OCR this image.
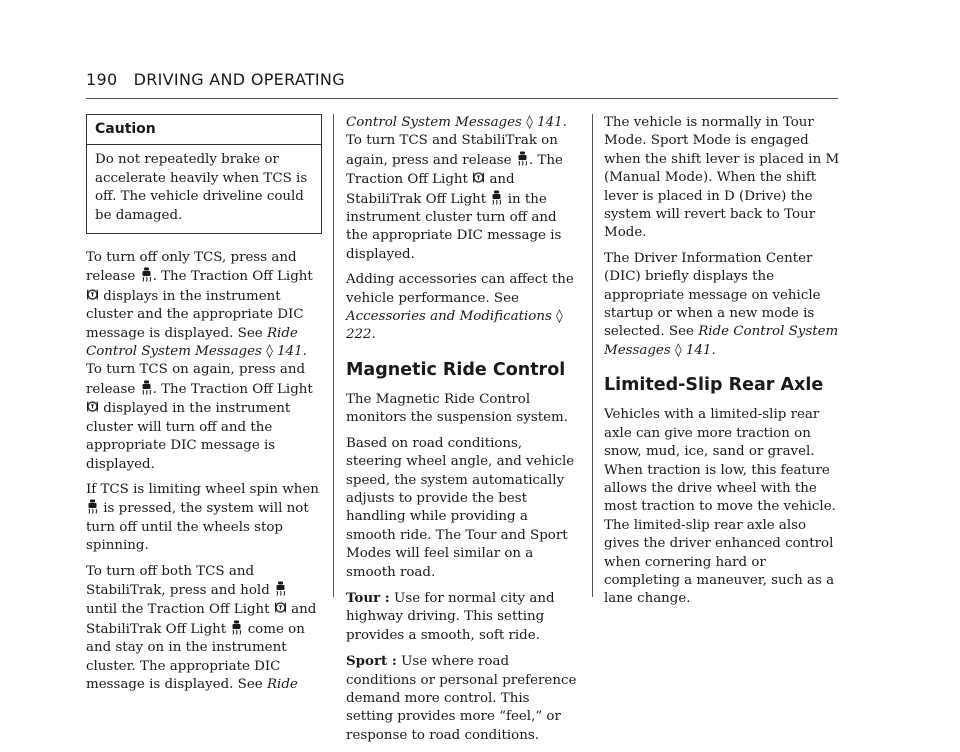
190 DRIVING AND OPERATING
Caution
Do not repeatedly brake or accelerate heavily when TCS is off. The vehicle driveline could be damaged.

To turn off only TCS, press and release . The Traction Off Light
displays in the instrument cluster and the appropriate DIC message is displayed. See Ride Control System Messages ◊ 141. To turn TCS on again, press and release . The Traction Off Light
displayed in the instrument cluster will turn off and the appropriate DIC message is displayed.

If TCS is limiting wheel spin when
is pressed, the system will not turn off until the wheels stop spinning.

To turn off both TCS and StabiliTrak, press and hold
until the Traction Off Light and StabiliTrak Off Light come on and stay on in the instrument cluster. The appropriate DIC message is displayed. See Ride

Control System Messages ◊ 141. To turn TCS and StabiliTrak on again, press and release . The Traction Off Light and StabiliTrak Off Light in the instrument cluster turn off and the appropriate DIC message is displayed.

Adding accessories can affect the vehicle performance. See Accessories and Modifications ◊ 222.

Magnetic Ride Control

The Magnetic Ride Control monitors the suspension system.

Based on road conditions, steering wheel angle, and vehicle speed, the system automatically adjusts to provide the best handling while providing a smooth ride. The Tour and Sport Modes will feel similar on a smooth road.

Tour : Use for normal city and highway driving. This setting provides a smooth, soft ride.

Sport : Use where road conditions or personal preference demand more control. This setting provides more “feel,” or response to road conditions.

The vehicle is normally in Tour Mode. Sport Mode is engaged when the shift lever is placed in M (Manual Mode). When the shift lever is placed in D (Drive) the system will revert back to Tour Mode.

The Driver Information Center (DIC) briefly displays the appropriate message on vehicle startup or when a new mode is selected. See Ride Control System Messages ◊ 141.

Limited-Slip Rear Axle

Vehicles with a limited-slip rear axle can give more traction on snow, mud, ice, sand or gravel. When traction is low, this feature allows the drive wheel with the most traction to move the vehicle. The limited-slip rear axle also gives the driver enhanced control when cornering hard or completing a maneuver, such as a lane change.
